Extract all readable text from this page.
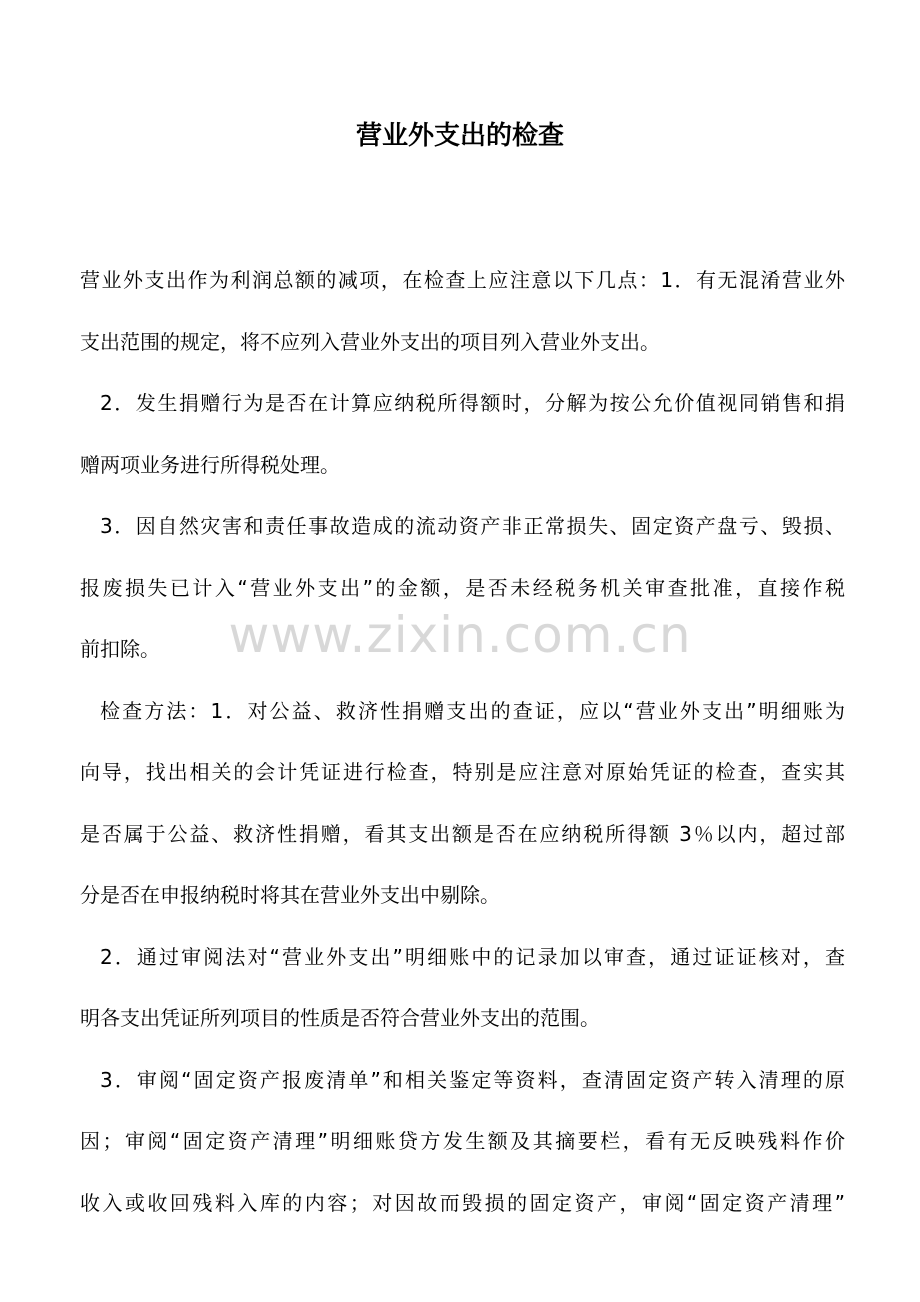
营业外支出的检查
营业外支出作为利润总额的减项，在检查上应注意以下几点：1．有无混淆营业外
支出范围的规定，将不应列入营业外支出的项目列入营业外支出。
2．发生捐赠行为是否在计算应纳税所得额时，分解为按公允价值视同销售和捐
赠两项业务进行所得税处理。
3．因自然灾害和责任事故造成的流动资产非正常损失、固定资产盘亏、毁损、
报废损失已计入“营业外支出”的金额，是否未经税务机关审查批准，直接作税
前扣除。
检查方法：1．对公益、救济性捐赠支出的查证，应以“营业外支出”明细账为
向导，找出相关的会计凭证进行检查，特别是应注意对原始凭证的检查，查实其
是否属于公益、救济性捐赠，看其支出额是否在应纳税所得额 3％以内，超过部
分是否在申报纳税时将其在营业外支出中剔除。
2．通过审阅法对“营业外支出”明细账中的记录加以审查，通过证证核对，查
明各支出凭证所列项目的性质是否符合营业外支出的范围。
3．审阅“固定资产报废清单”和相关鉴定等资料，查清固定资产转入清理的原
因；审阅“固定资产清理”明细账贷方发生额及其摘要栏，看有无反映残料作价
收入或收回残料入库的内容；对因故而毁损的固定资产，审阅“固定资产清理”
www.zixin.com.cn
